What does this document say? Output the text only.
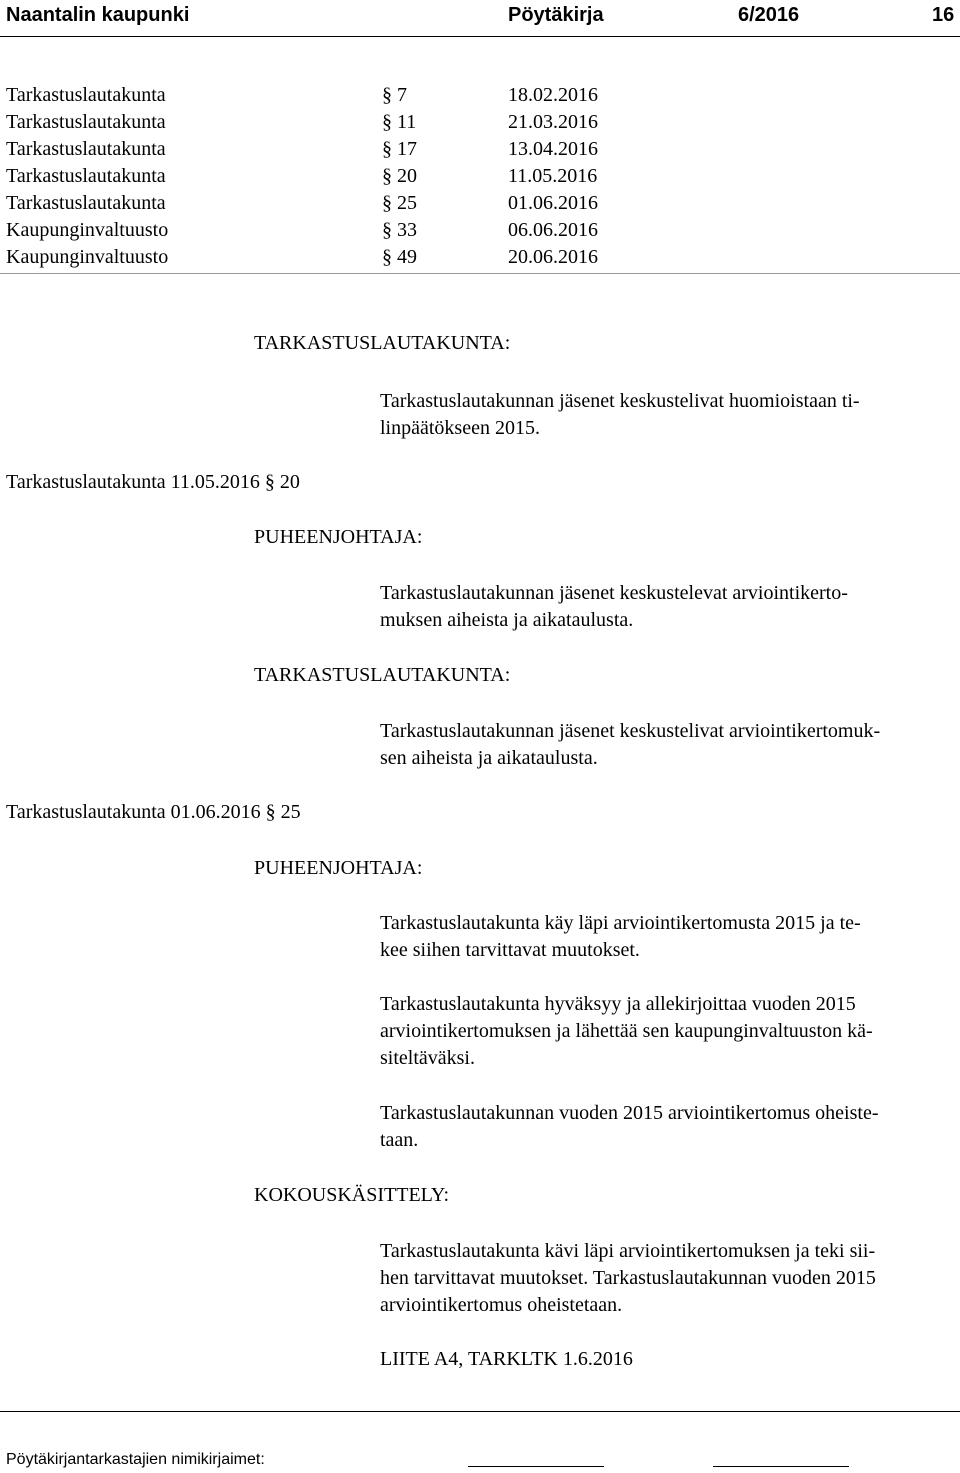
Naantalin kaupunki	Pöytäkirja	6/2016	16
Tarkastuslautakunta	§ 7	18.02.2016
Tarkastuslautakunta	§ 11	21.03.2016
Tarkastuslautakunta	§ 17	13.04.2016
Tarkastuslautakunta	§ 20	11.05.2016
Tarkastuslautakunta	§ 25	01.06.2016
Kaupunginvaltuusto	§ 33	06.06.2016
Kaupunginvaltuusto	§ 49	20.06.2016
TARKASTUSLAUTAKUNTA:
Tarkastuslautakunnan jäsenet keskustelivat huomioistaan ti-
linpäätökseen 2015.
Tarkastuslautakunta 11.05.2016 § 20
PUHEENJOHTAJA:
Tarkastuslautakunnan jäsenet keskustelevat arviointikerto-
muksen aiheista ja aikataulusta.
TARKASTUSLAUTAKUNTA:
Tarkastuslautakunnan jäsenet keskustelivat arviointikertomuk-
sen aiheista ja aikataulusta.
Tarkastuslautakunta 01.06.2016 § 25
PUHEENJOHTAJA:
Tarkastuslautakunta käy läpi arviointikertomusta 2015 ja te-
kee siihen tarvittavat muutokset.
Tarkastuslautakunta hyväksyy ja allekirjoittaa vuoden 2015
arviointikertomuksen ja lähettää sen kaupunginvaltuuston kä-
siteltäväksi.
Tarkastuslautakunnan vuoden 2015 arviointikertomus oheiste-
taan.
KOKOUSKÄSITTELY:
Tarkastuslautakunta kävi läpi arviointikertomuksen ja teki sii-
hen tarvittavat muutokset. Tarkastuslautakunnan vuoden 2015
arviointikertomus oheistetaan.
LIITE A4, TARKLTK 1.6.2016
Pöytäkirjantarkastajien nimikirjaimet:
